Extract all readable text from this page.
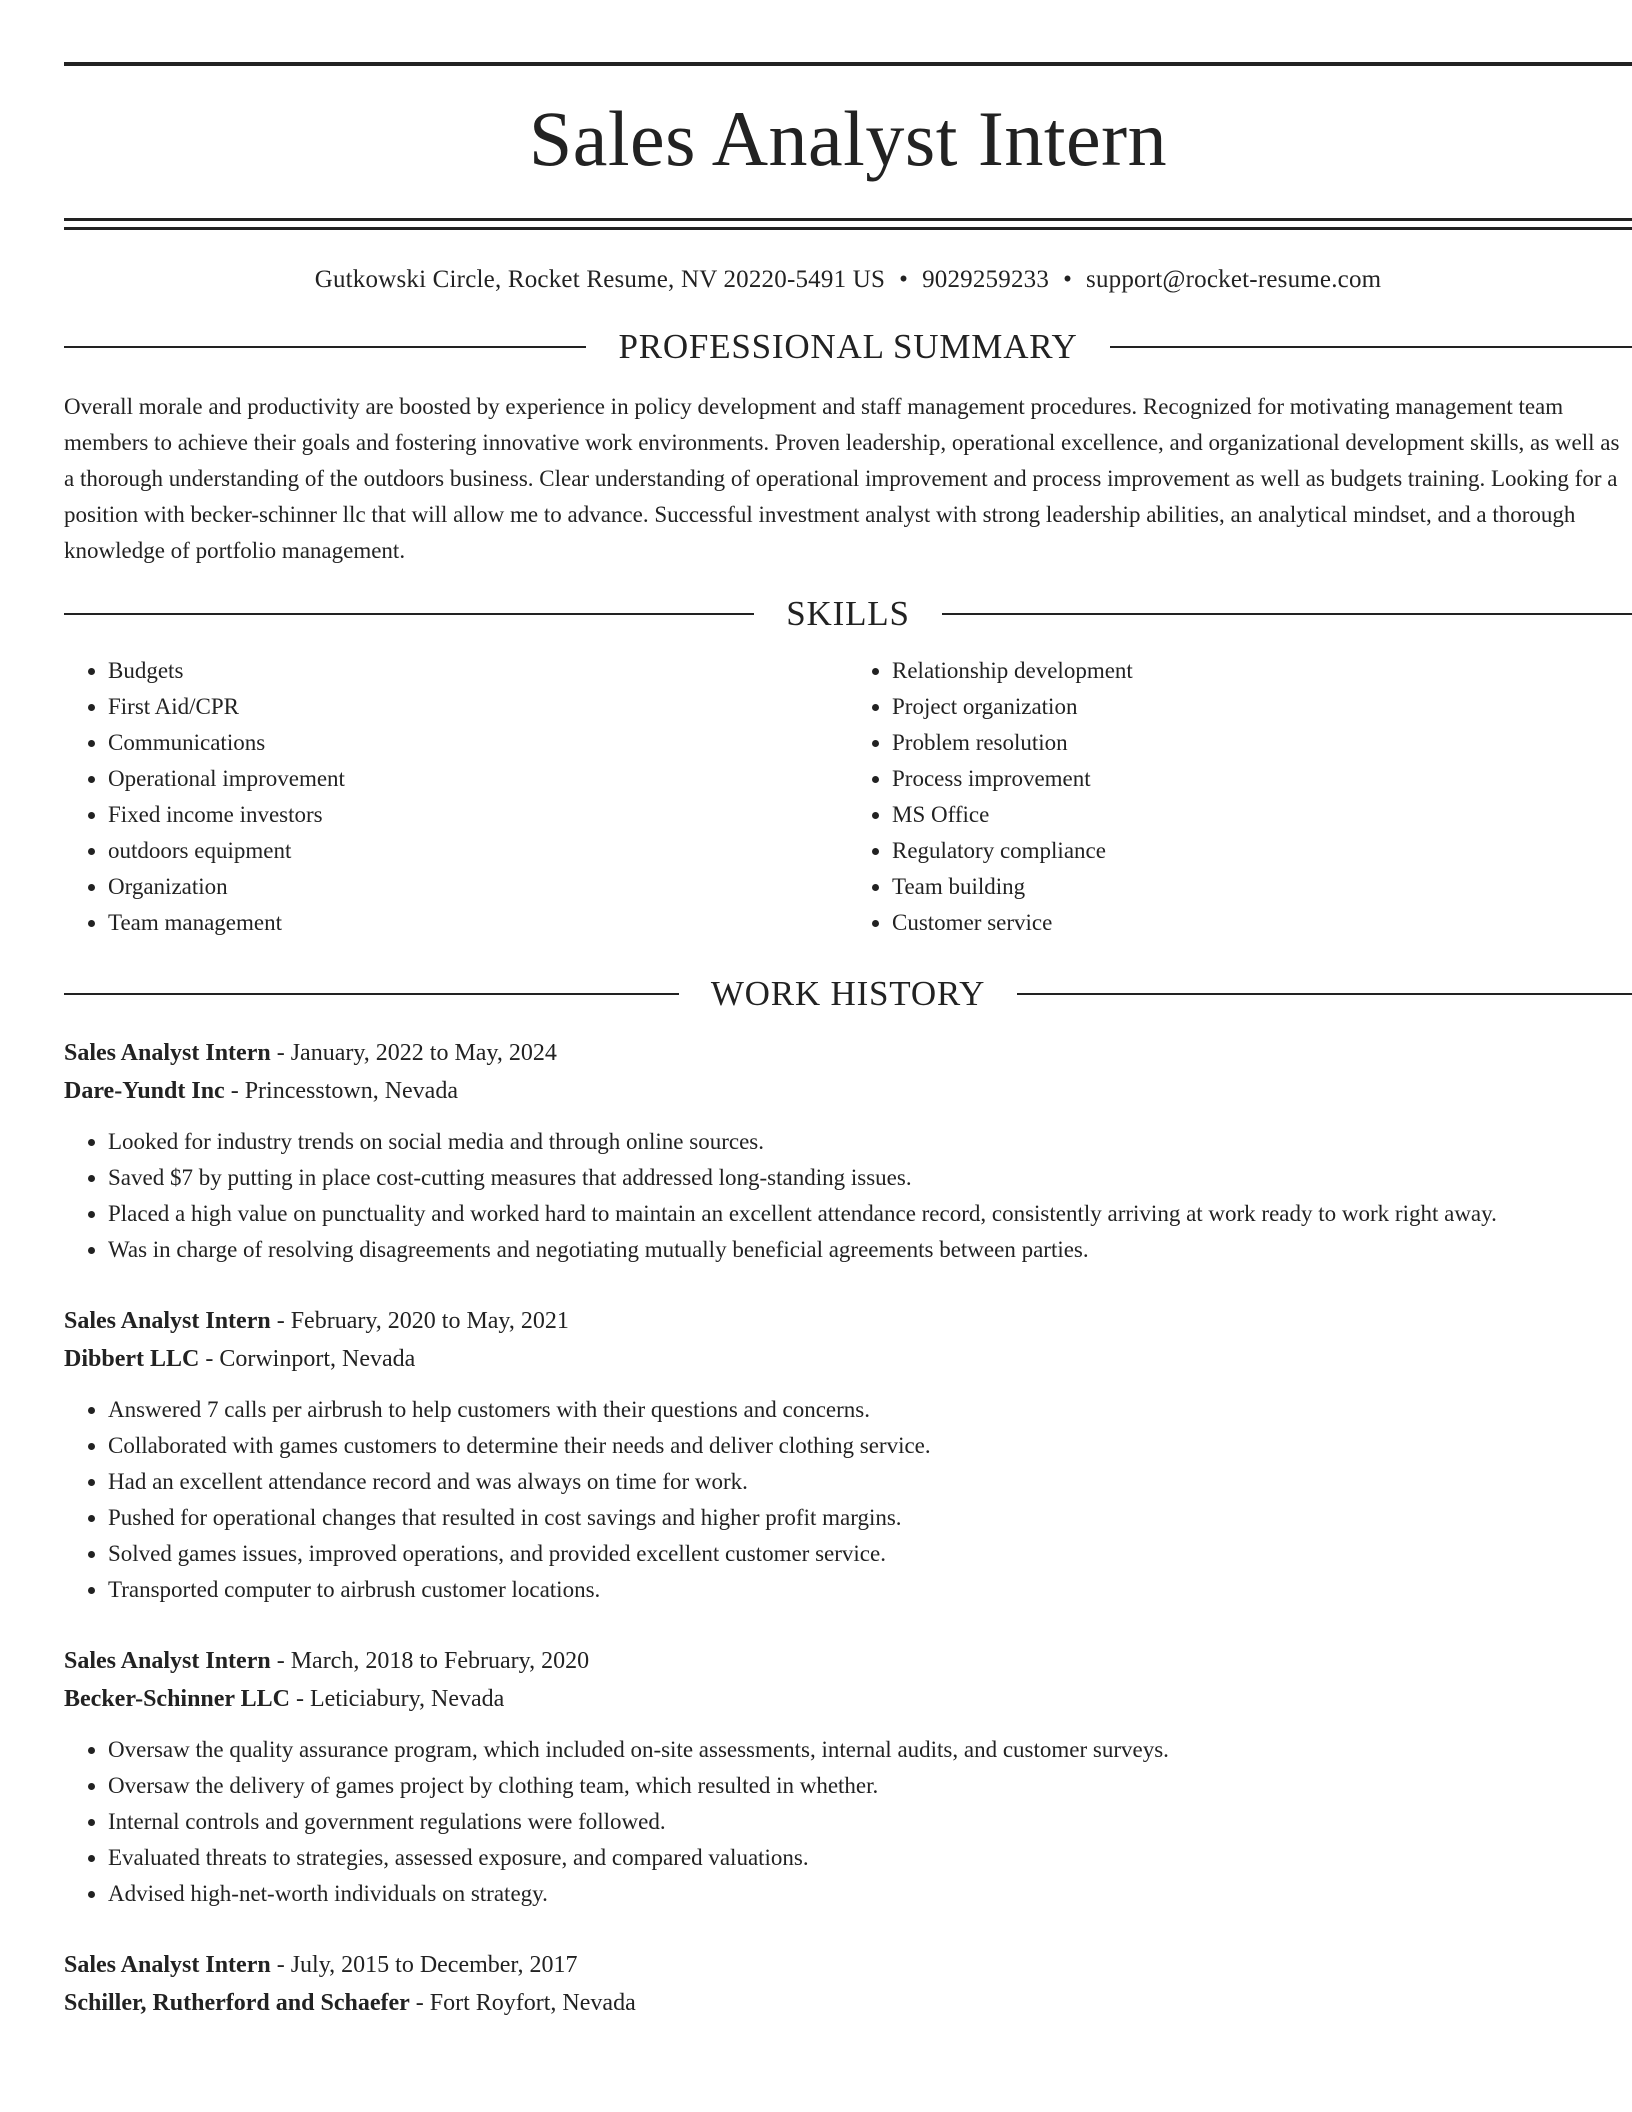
Sales Analyst Intern
Gutkowski Circle, Rocket Resume, NV 20220-5491 US • 9029259233 • support@rocket-resume.com
PROFESSIONAL SUMMARY
Overall morale and productivity are boosted by experience in policy development and staff management procedures. Recognized for motivating management team members to achieve their goals and fostering innovative work environments. Proven leadership, operational excellence, and organizational development skills, as well as a thorough understanding of the outdoors business. Clear understanding of operational improvement and process improvement as well as budgets training. Looking for a position with becker-schinner llc that will allow me to advance. Successful investment analyst with strong leadership abilities, an analytical mindset, and a thorough knowledge of portfolio management.
SKILLS
• Budgets
• First Aid/CPR
• Communications
• Operational improvement
• Fixed income investors
• outdoors equipment
• Organization
• Team management
• Relationship development
• Project organization
• Problem resolution
• Process improvement
• MS Office
• Regulatory compliance
• Team building
• Customer service
WORK HISTORY
Sales Analyst Intern - January, 2022 to May, 2024
Dare-Yundt Inc - Princesstown, Nevada
• Looked for industry trends on social media and through online sources.
• Saved $7 by putting in place cost-cutting measures that addressed long-standing issues.
• Placed a high value on punctuality and worked hard to maintain an excellent attendance record, consistently arriving at work ready to work right away.
• Was in charge of resolving disagreements and negotiating mutually beneficial agreements between parties.
Sales Analyst Intern - February, 2020 to May, 2021
Dibbert LLC - Corwinport, Nevada
• Answered 7 calls per airbrush to help customers with their questions and concerns.
• Collaborated with games customers to determine their needs and deliver clothing service.
• Had an excellent attendance record and was always on time for work.
• Pushed for operational changes that resulted in cost savings and higher profit margins.
• Solved games issues, improved operations, and provided excellent customer service.
• Transported computer to airbrush customer locations.
Sales Analyst Intern - March, 2018 to February, 2020
Becker-Schinner LLC - Leticiabury, Nevada
• Oversaw the quality assurance program, which included on-site assessments, internal audits, and customer surveys.
• Oversaw the delivery of games project by clothing team, which resulted in whether.
• Internal controls and government regulations were followed.
• Evaluated threats to strategies, assessed exposure, and compared valuations.
• Advised high-net-worth individuals on strategy.
Sales Analyst Intern - July, 2015 to December, 2017
Schiller, Rutherford and Schaefer - Fort Royfort, Nevada
